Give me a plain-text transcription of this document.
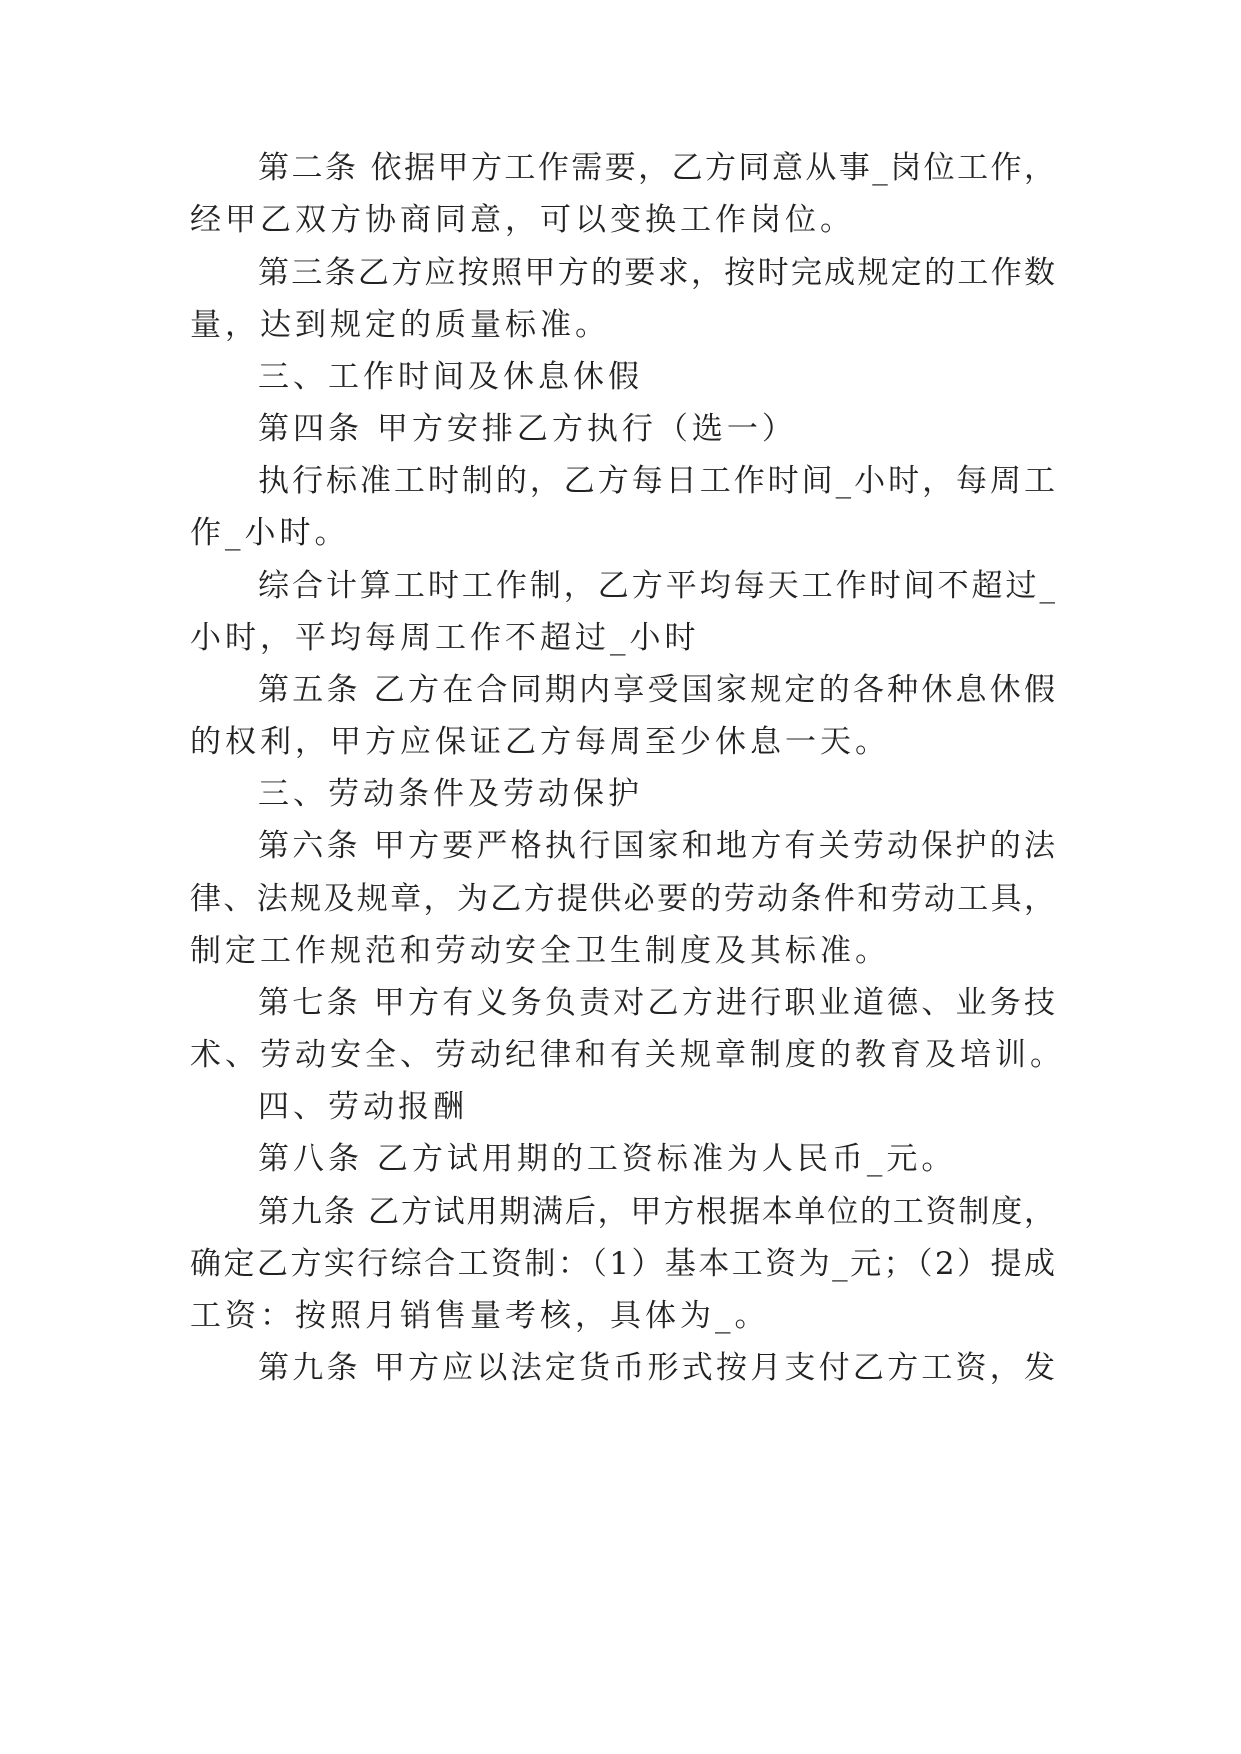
第二条 依据甲方工作需要，乙方同意从事_岗位工作，

经甲乙双方协商同意，可以变换工作岗位。

第三条乙方应按照甲方的要求，按时完成规定的工作数

量，达到规定的质量标准。

三、工作时间及休息休假

第四条 甲方安排乙方执行（选一）

执行标准工时制的，乙方每日工作时间_小时，每周工

作_小时。

综合计算工时工作制，乙方平均每天工作时间不超过_

小时，平均每周工作不超过_小时

第五条 乙方在合同期内享受国家规定的各种休息休假

的权利，甲方应保证乙方每周至少休息一天。

三、劳动条件及劳动保护

第六条 甲方要严格执行国家和地方有关劳动保护的法

律、法规及规章，为乙方提供必要的劳动条件和劳动工具，

制定工作规范和劳动安全卫生制度及其标准。

第七条 甲方有义务负责对乙方进行职业道德、业务技

术、劳动安全、劳动纪律和有关规章制度的教育及培训。

四、劳动报酬

第八条 乙方试用期的工资标准为人民币_元。

第九条 乙方试用期满后，甲方根据本单位的工资制度，

确定乙方实行综合工资制：（1）基本工资为_元；（2）提成

工资：按照月销售量考核，具体为_。

第九条 甲方应以法定货币形式按月支付乙方工资，发
